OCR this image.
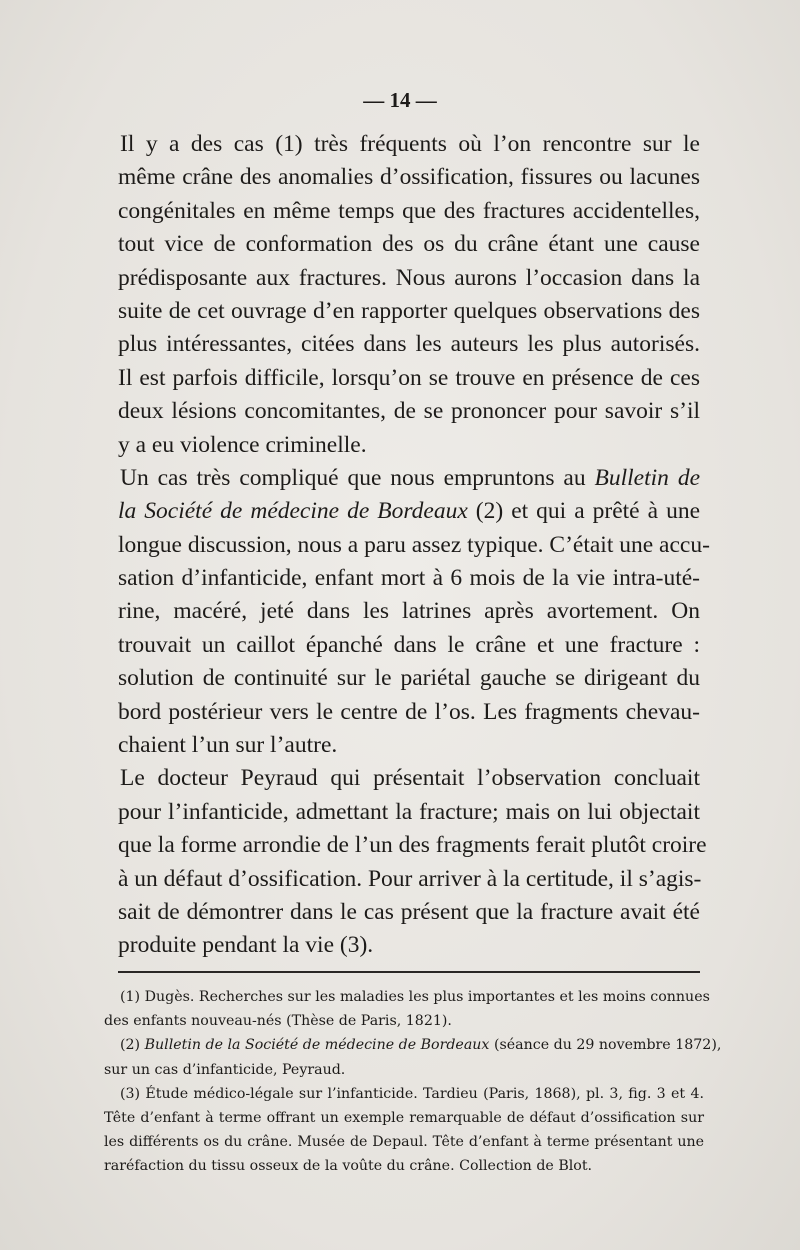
— 14 —
Il y a des cas (1) très fréquents où l’on rencontre sur le
même crâne des anomalies d’ossification, fissures ou lacunes
congénitales en même temps que des fractures accidentelles,
tout vice de conformation des os du crâne étant une cause
prédisposante aux fractures. Nous aurons l’occasion dans la
suite de cet ouvrage d’en rapporter quelques observations des
plus intéressantes, citées dans les auteurs les plus autorisés.
Il est parfois difficile, lorsqu’on se trouve en présence de ces
deux lésions concomitantes, de se prononcer pour savoir s’il
y a eu violence criminelle.
Un cas très compliqué que nous empruntons au Bulletin de
la Société de médecine de Bordeaux (2) et qui a prêté à une
longue discussion, nous a paru assez typique. C’était une accu-
sation d’infanticide, enfant mort à 6 mois de la vie intra-uté-
rine, macéré, jeté dans les latrines après avortement. On
trouvait un caillot épanché dans le crâne et une fracture :
solution de continuité sur le pariétal gauche se dirigeant du
bord postérieur vers le centre de l’os. Les fragments chevau-
chaient l’un sur l’autre.
Le docteur Peyraud qui présentait l’observation concluait
pour l’infanticide, admettant la fracture; mais on lui objectait
que la forme arrondie de l’un des fragments ferait plutôt croire
à un défaut d’ossification. Pour arriver à la certitude, il s’agis-
sait de démontrer dans le cas présent que la fracture avait été
produite pendant la vie (3).
(1) Dugès. Recherches sur les maladies les plus importantes et les moins connues
des enfants nouveau-nés (Thèse de Paris, 1821).
(2) Bulletin de la Société de médecine de Bordeaux (séance du 29 novembre 1872),
sur un cas d’infanticide, Peyraud.
(3) Étude médico-légale sur l’infanticide. Tardieu (Paris, 1868), pl. 3, fig. 3 et 4.
Tête d’enfant à terme offrant un exemple remarquable de défaut d’ossification sur
les différents os du crâne. Musée de Depaul. Tête d’enfant à terme présentant une
raréfaction du tissu osseux de la voûte du crâne. Collection de Blot.
